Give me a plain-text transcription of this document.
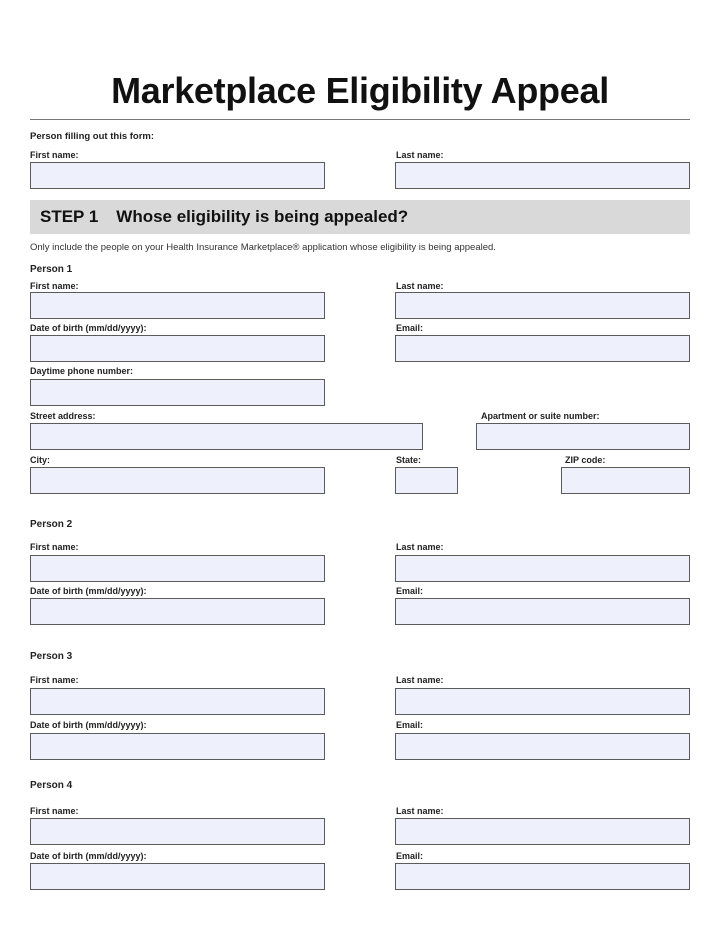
Marketplace Eligibility Appeal
Person filling out this form:
First name:	Last name:
STEP 1 Whose eligibility is being appealed?
Only include the people on your Health Insurance Marketplace® application whose eligibility is being appealed.
Person 1
First name:	Last name:
Date of birth (mm/dd/yyyy):	Email:
Daytime phone number:
Street address:	Apartment or suite number:
City:	State:	ZIP code:
Person 2
First name:	Last name:
Date of birth (mm/dd/yyyy):	Email:
Person 3
First name:	Last name:
Date of birth (mm/dd/yyyy):	Email:
Person 4
First name:	Last name:
Date of birth (mm/dd/yyyy):	Email:
